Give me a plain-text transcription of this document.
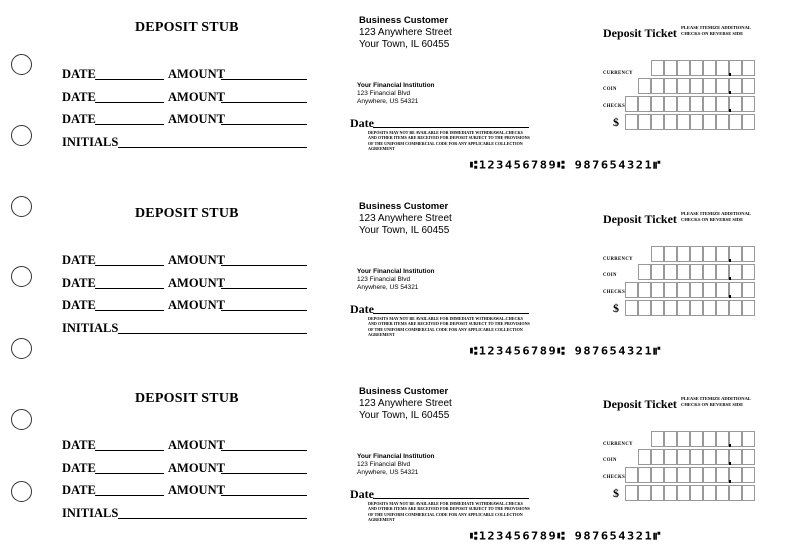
DEPOSIT STUB
DATE	AMOUNT
DATE	AMOUNT
DATE	AMOUNT
INITIALS
Business Customer
123 Anywhere Street
Your Town, IL 60455
Your Financial Institution
123 Financial Blvd
Anywhere, US 54321
Date
DEPOSITS MAY NOT BE AVAILABLE FOR IMMEDIATE WITHDRAWAL.CHECKS AND OTHER ITEMS ARE RECEIVED FOR DEPOSIT SUBJECT TO THE PROVISIONS OF THE UNIFORM COMMERCIAL CODE FOR ANY APPLICABLE COLLECTION AGREEMENT
⑆123456789⑆ 987654321⑈
Deposit Ticket PLEASE ITEMIZE ADDITIONAL CHECKS ON REVERSE SIDE
CURRENCY
COIN
CHECKS
$
DEPOSIT STUB
DATE	AMOUNT
DATE	AMOUNT
DATE	AMOUNT
INITIALS
Business Customer
123 Anywhere Street
Your Town, IL 60455
Your Financial Institution
123 Financial Blvd
Anywhere, US 54321
Date
DEPOSITS MAY NOT BE AVAILABLE FOR IMMEDIATE WITHDRAWAL.CHECKS AND OTHER ITEMS ARE RECEIVED FOR DEPOSIT SUBJECT TO THE PROVISIONS OF THE UNIFORM COMMERCIAL CODE FOR ANY APPLICABLE COLLECTION AGREEMENT
⑆123456789⑆ 987654321⑈
Deposit Ticket PLEASE ITEMIZE ADDITIONAL CHECKS ON REVERSE SIDE
CURRENCY
COIN
CHECKS
$
DEPOSIT STUB
DATE	AMOUNT
DATE	AMOUNT
DATE	AMOUNT
INITIALS
Business Customer
123 Anywhere Street
Your Town, IL 60455
Your Financial Institution
123 Financial Blvd
Anywhere, US 54321
Date
DEPOSITS MAY NOT BE AVAILABLE FOR IMMEDIATE WITHDRAWAL.CHECKS AND OTHER ITEMS ARE RECEIVED FOR DEPOSIT SUBJECT TO THE PROVISIONS OF THE UNIFORM COMMERCIAL CODE FOR ANY APPLICABLE COLLECTION AGREEMENT
⑆123456789⑆ 987654321⑈
Deposit Ticket PLEASE ITEMIZE ADDITIONAL CHECKS ON REVERSE SIDE
CURRENCY
COIN
CHECKS
$
